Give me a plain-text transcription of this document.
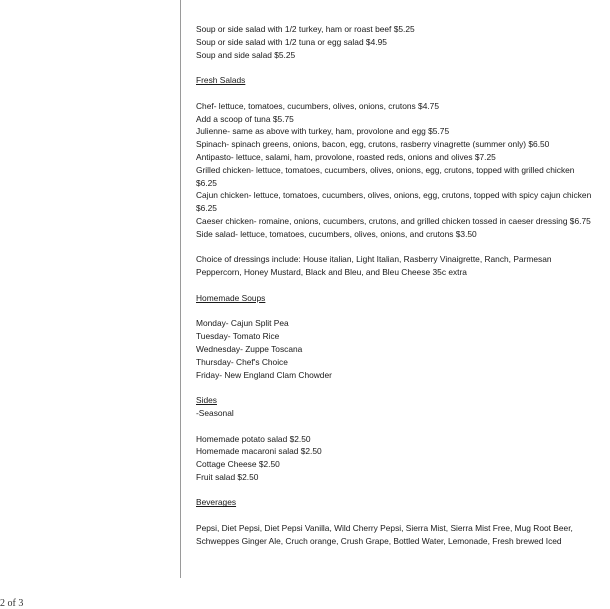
Soup or side salad with 1/2 turkey, ham or roast beef $5.25
Soup or side salad with 1/2 tuna or egg salad $4.95
Soup and side salad $5.25
Fresh Salads
Chef- lettuce, tomatoes, cucumbers, olives, onions, crutons $4.75
Add a scoop of tuna $5.75
Julienne- same as above with turkey, ham, provolone and egg $5.75
Spinach- spinach greens, onions, bacon, egg, crutons, rasberry vinagrette (summer only) $6.50
Antipasto- lettuce, salami, ham, provolone, roasted reds, onions and olives $7.25
Grilled chicken- lettuce, tomatoes, cucumbers, olives, onions, egg, crutons, topped with grilled chicken $6.25
Cajun chicken- lettuce, tomatoes, cucumbers, olives, onions, egg, crutons, topped with spicy cajun chicken $6.25
Caeser chicken- romaine, onions, cucumbers, crutons, and grilled chicken tossed in caeser dressing $6.75
Side salad- lettuce, tomatoes, cucumbers, olives, onions, and crutons $3.50
Choice of dressings include: House italian, Light Italian, Rasberry Vinaigrette, Ranch, Parmesan Peppercorn, Honey Mustard, Black and Bleu, and Bleu Cheese 35c extra
Homemade Soups
Monday- Cajun Split Pea
Tuesday- Tomato Rice
Wednesday- Zuppe Toscana
Thursday- Chef's Choice
Friday- New England Clam Chowder
Sides
-Seasonal
Homemade potato salad $2.50
Homemade macaroni salad $2.50
Cottage Cheese $2.50
Fruit salad $2.50
Beverages
Pepsi, Diet Pepsi, Diet Pepsi Vanilla, Wild Cherry Pepsi, Sierra Mist, Sierra Mist Free, Mug Root Beer, Schweppes Ginger Ale, Cruch orange, Crush Grape, Bottled Water, Lemonade, Fresh brewed Iced
2 of 3
